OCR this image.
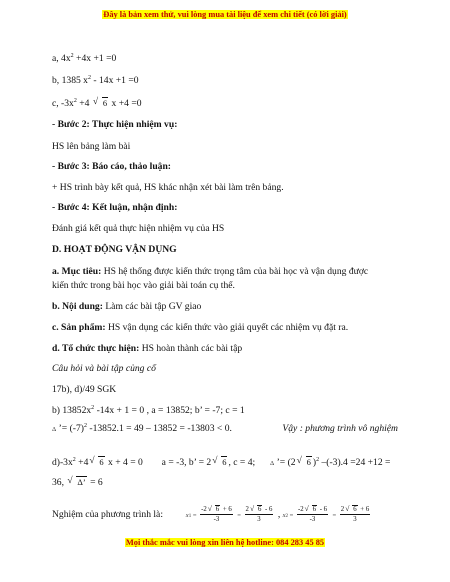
Đây là bản xem thử, vui lòng mua tài liệu để xem chi tiết (có lời giải)
a, $4x^2 +4x +1 =0$
b, 1385 $x^2 - 14x +1 =0$
c, $-3x^2 +4$ √ 6 x +4 =0
- Bước 2: Thực hiện nhiệm vụ:
HS lên bảng làm bài
- Bước 3: Báo cáo, thảo luận:
+ HS trình bày kết quả, HS khác nhận xét bài làm trên bảng.
- Bước 4: Kết luận, nhận định:
Đánh giá kết quả thực hiện nhiệm vụ của HS
D. HOẠT ĐỘNG VẬN DỤNG
a. Mục tiêu: HS hệ thống được kiến thức trọng tâm của bài học và vận dụng được
kiến thức trong bài học vào giải bài toán cụ thể.
b. Nội dung: Làm các bài tập GV giao
c. Sản phẩm: HS vận dụng các kiến thức vào giải quyết các nhiệm vụ đặt ra.
d. Tổ chức thực hiện: HS hoàn thành các bài tập
Câu hỏi và bài tập củng cố
17b), d)/49 SGK
b) $13852x^2$ -14x + 1 = 0 , a = 13852; b’ = -7; c = 1
Δ ’= $(-7)^2$ -13852.1 = 49 – 13852 = -13803 < 0.	Vậy : phương trình vô nghiệm
$d)-3x^2 +4√$ 6 x + 4 = 0 a = -3, b’ = 2√ 6 , c = 4; Δ ’= (2√ 6 )$^2$ –(-3).4 =24 +12 =
36, √ Δ’ = 6
Nghiệm của phương trình là:	$x1 = \frac{-2√ 6 + 6}{-3} = \frac{2√ 6 - 6}{3}$ , $x2 = \frac{-2√ 6 - 6}{-3} = \frac{2√ 6 + 6}{3}$
Mọi thắc mắc vui lòng xin liên hệ hotline: 084 283 45 85
